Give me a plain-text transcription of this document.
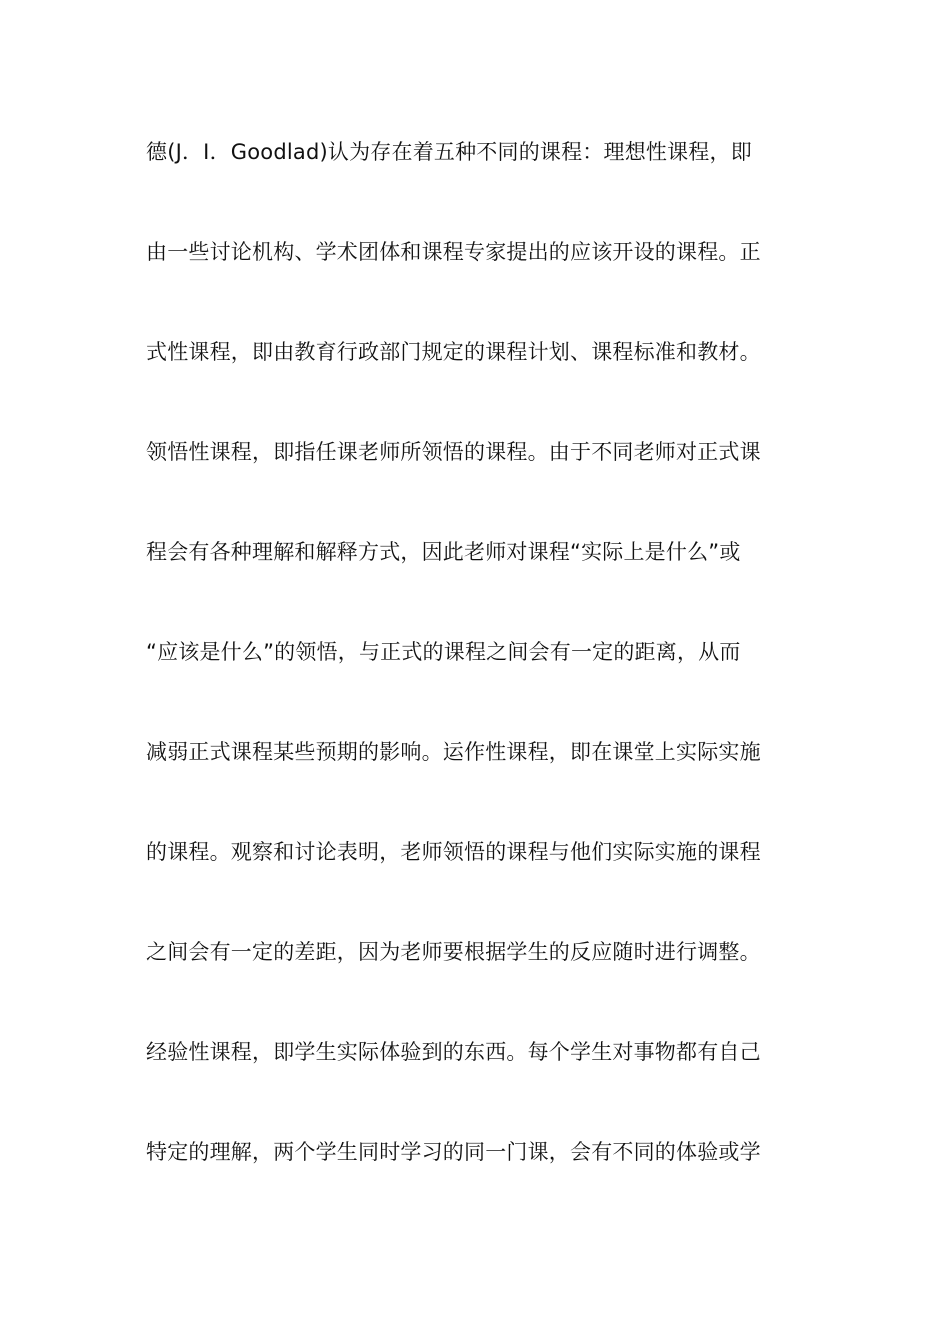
德(J．I．Goodlad)认为存在着五种不同的课程：理想性课程，即
由一些讨论机构、学术团体和课程专家提出的应该开设的课程。正
式性课程，即由教育行政部门规定的课程计划、课程标准和教材。
领悟性课程，即指任课老师所领悟的课程。由于不同老师对正式课
程会有各种理解和解释方式，因此老师对课程“实际上是什么”或
“应该是什么”的领悟，与正式的课程之间会有一定的距离，从而
减弱正式课程某些预期的影响。运作性课程，即在课堂上实际实施
的课程。观察和讨论表明，老师领悟的课程与他们实际实施的课程
之间会有一定的差距，因为老师要根据学生的反应随时进行调整。
经验性课程，即学生实际体验到的东西。每个学生对事物都有自己
特定的理解，两个学生同时学习的同一门课，会有不同的体验或学
